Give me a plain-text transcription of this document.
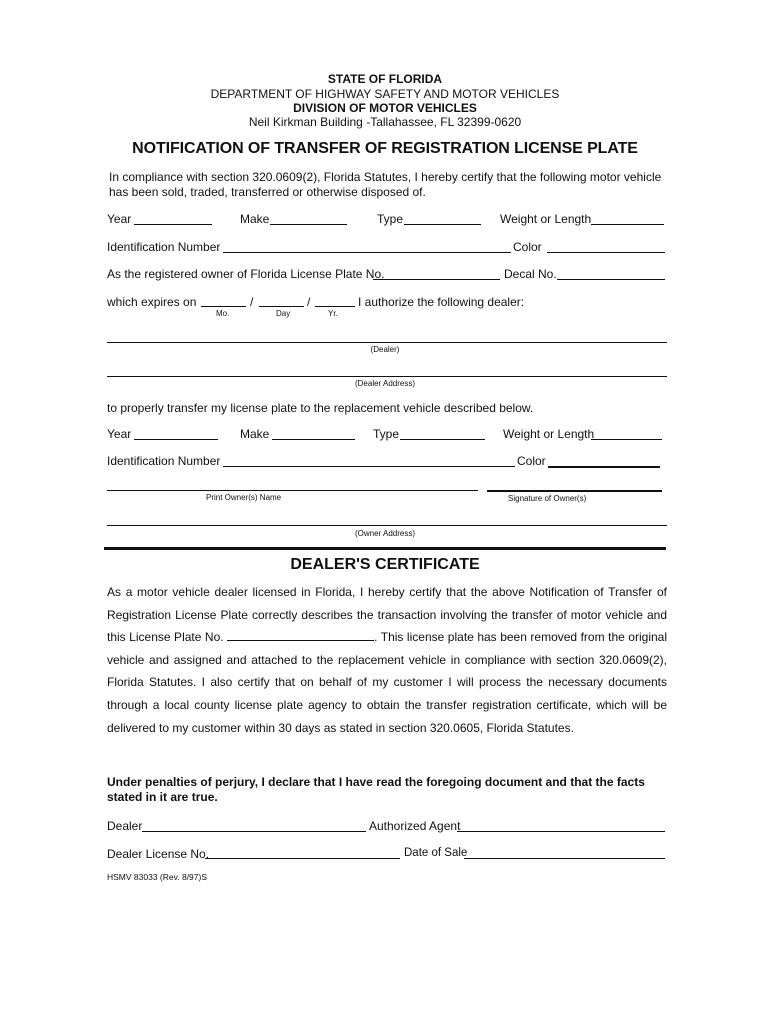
STATE OF FLORIDA
DEPARTMENT OF HIGHWAY SAFETY AND MOTOR VEHICLES
DIVISION OF MOTOR VEHICLES
Neil Kirkman Building -Tallahassee, FL 32399-0620
NOTIFICATION OF TRANSFER OF REGISTRATION LICENSE PLATE
In compliance with section 320.0609(2), Florida Statutes, I hereby certify that the following motor vehicle has been sold, traded, transferred or otherwise disposed of.
Year	Make	Type	Weight or Length
Identification Number	Color
As the registered owner of Florida License Plate No.	Decal No.
which expires on	/	/	I authorize the following dealer:
Mo.	Day	Yr.
(Dealer)
(Dealer Address)
to properly transfer my license plate to the replacement vehicle described below.
Year	Make	Type	Weight or Length
Identification Number	Color
Print Owner(s) Name	Signature of Owner(s)
(Owner Address)
DEALER'S CERTIFICATE
As a motor vehicle dealer licensed in Florida, I hereby certify that the above Notification of Transfer of Registration License Plate correctly describes the transaction involving the transfer of motor vehicle and this License Plate No.	. This license plate has been removed from the original vehicle and assigned and attached to the replacement vehicle in compliance with section 320.0609(2), Florida Statutes. I also certify that on behalf of my customer I will process the necessary documents through a local county license plate agency to obtain the transfer registration certificate, which will be delivered to my customer within 30 days as stated in section 320.0605, Florida Statutes.
Under penalties of perjury, I declare that I have read the foregoing document and that the facts stated in it are true.
Dealer	Authorized Agent
Dealer License No.	Date of Sale
HSMV 83033 (Rev. 8/97)S
